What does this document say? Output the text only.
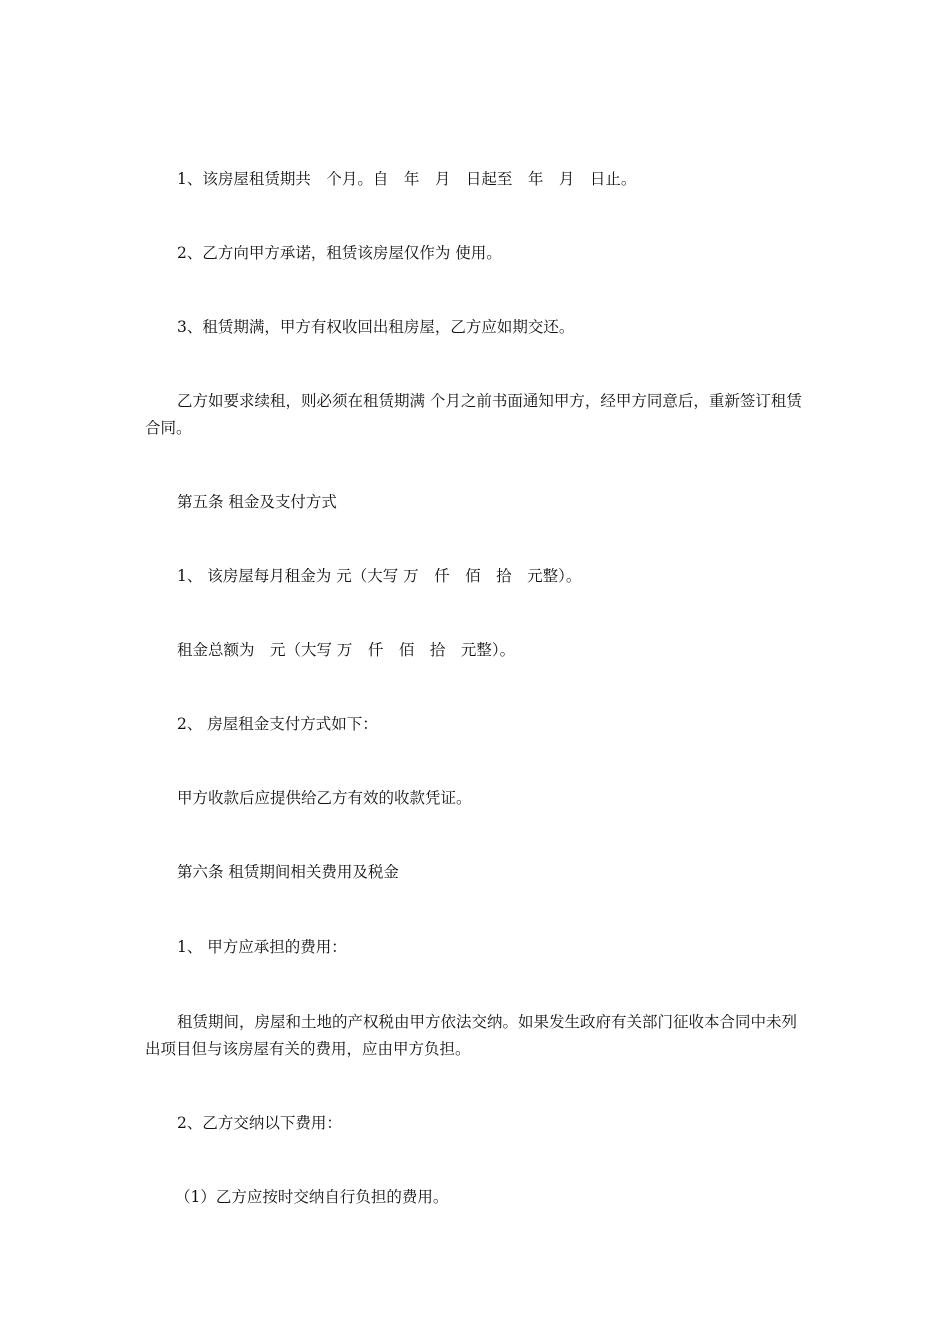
1、该房屋租赁期共　个月。自　年　月　日起至　年　月　日止。

2、乙方向甲方承诺，租赁该房屋仅作为 使用。

3、租赁期满，甲方有权收回出租房屋，乙方应如期交还。

乙方如要求续租，则必须在租赁期满 个月之前书面通知甲方，经甲方同意后，重新签订租赁合同。

第五条 租金及支付方式

1、 该房屋每月租金为 元（大写 万　仟　佰　拾　元整）。

租金总额为　元（大写 万　仟　佰　拾　元整）。

2、 房屋租金支付方式如下：

甲方收款后应提供给乙方有效的收款凭证。

第六条 租赁期间相关费用及税金

1、 甲方应承担的费用：

租赁期间，房屋和土地的产权税由甲方依法交纳。如果发生政府有关部门征收本合同中未列出项目但与该房屋有关的费用，应由甲方负担。

2、乙方交纳以下费用：

（1）乙方应按时交纳自行负担的费用。
